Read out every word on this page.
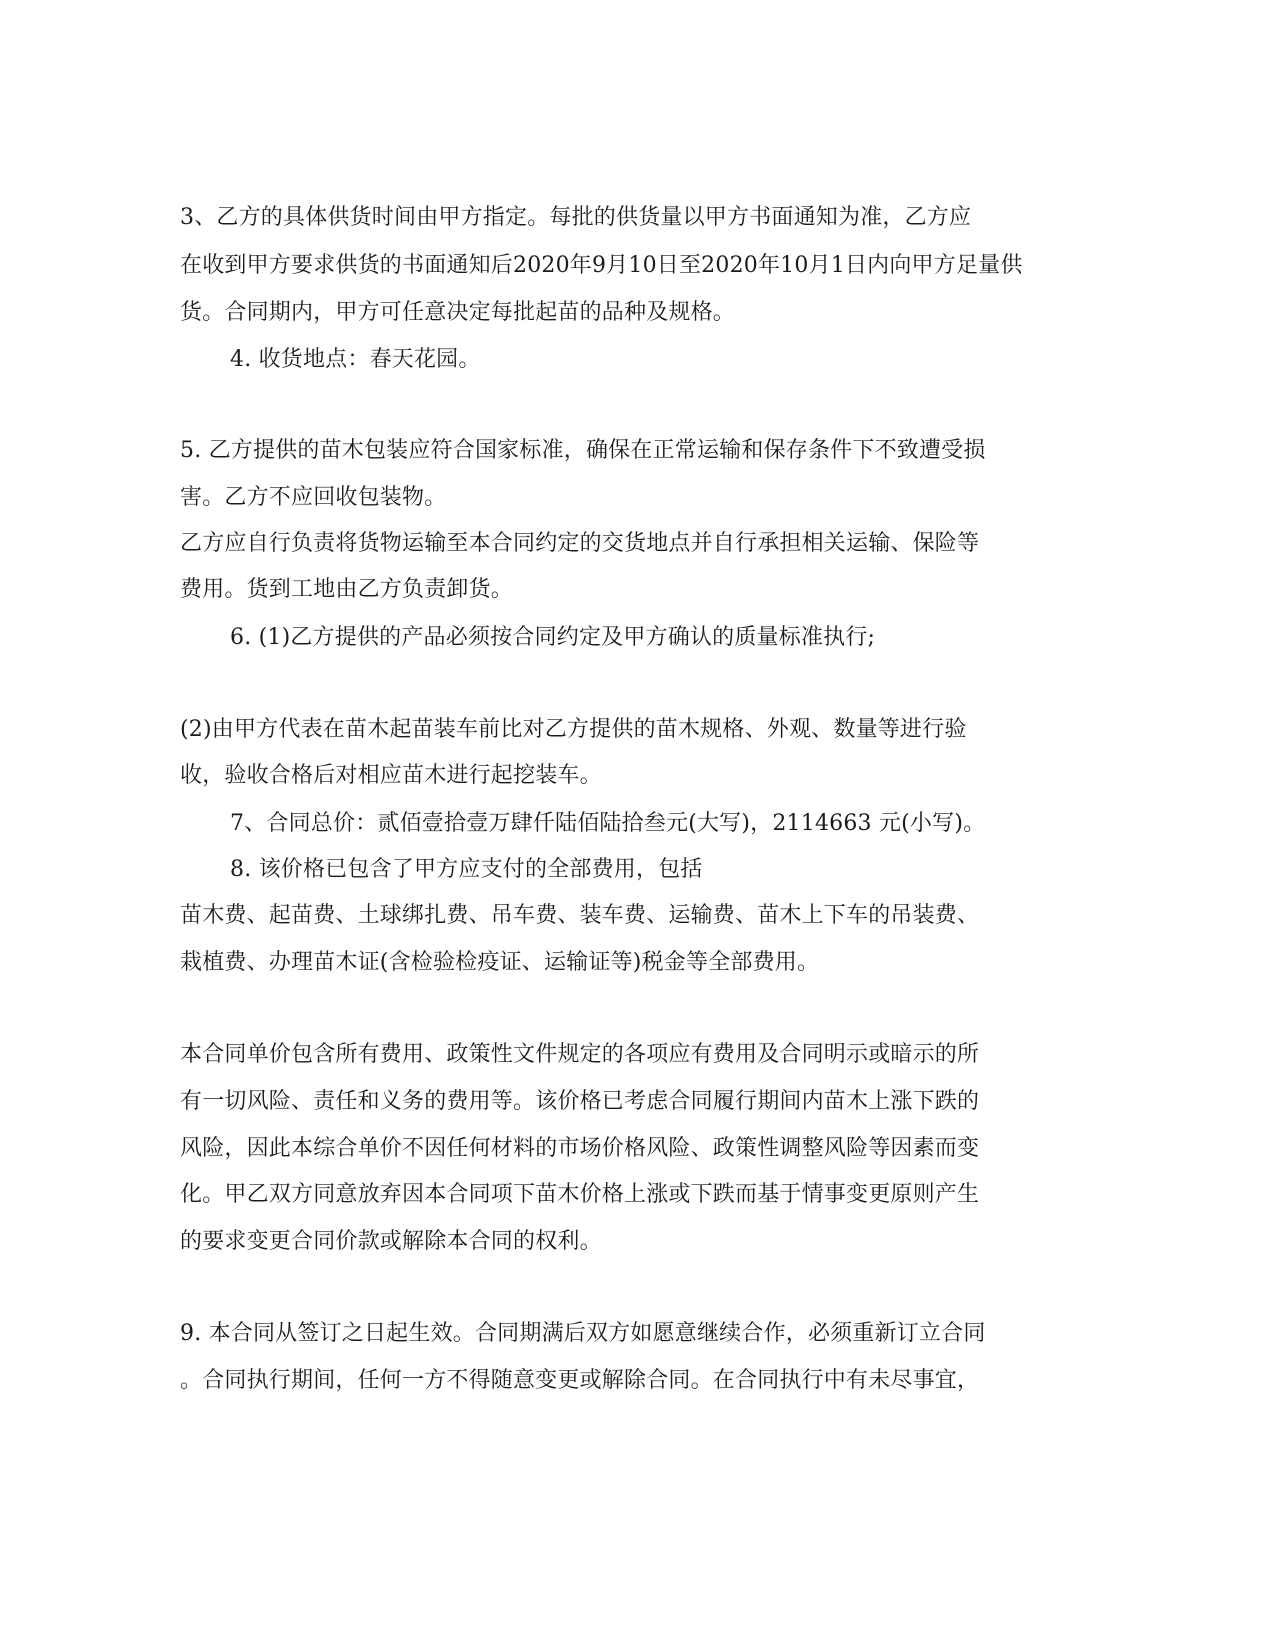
3、乙方的具体供货时间由甲方指定。每批的供货量以甲方书面通知为准，乙方应
在收到甲方要求供货的书面通知后2020年9月10日至2020年10月1日内向甲方足量供
货。合同期内，甲方可任意决定每批起苗的品种及规格。
4. 收货地点：春天花园。
5. 乙方提供的苗木包装应符合国家标准，确保在正常运输和保存条件下不致遭受损
害。乙方不应回收包装物。
乙方应自行负责将货物运输至本合同约定的交货地点并自行承担相关运输、保险等
费用。货到工地由乙方负责卸货。
6. (1)乙方提供的产品必须按合同约定及甲方确认的质量标准执行;
(2)由甲方代表在苗木起苗装车前比对乙方提供的苗木规格、外观、数量等进行验
收，验收合格后对相应苗木进行起挖装车。
7、合同总价：贰佰壹拾壹万肆仟陆佰陆拾叁元(大写)，2114663 元(小写)。
8. 该价格已包含了甲方应支付的全部费用，包括
苗木费、起苗费、土球绑扎费、吊车费、装车费、运输费、苗木上下车的吊装费、
栽植费、办理苗木证(含检验检疫证、运输证等)税金等全部费用。
本合同单价包含所有费用、政策性文件规定的各项应有费用及合同明示或暗示的所
有一切风险、责任和义务的费用等。该价格已考虑合同履行期间内苗木上涨下跌的
风险，因此本综合单价不因任何材料的市场价格风险、政策性调整风险等因素而变
化。甲乙双方同意放弃因本合同项下苗木价格上涨或下跌而基于情事变更原则产生
的要求变更合同价款或解除本合同的权利。
9. 本合同从签订之日起生效。合同期满后双方如愿意继续合作，必须重新订立合同
。合同执行期间，任何一方不得随意变更或解除合同。在合同执行中有未尽事宜，
